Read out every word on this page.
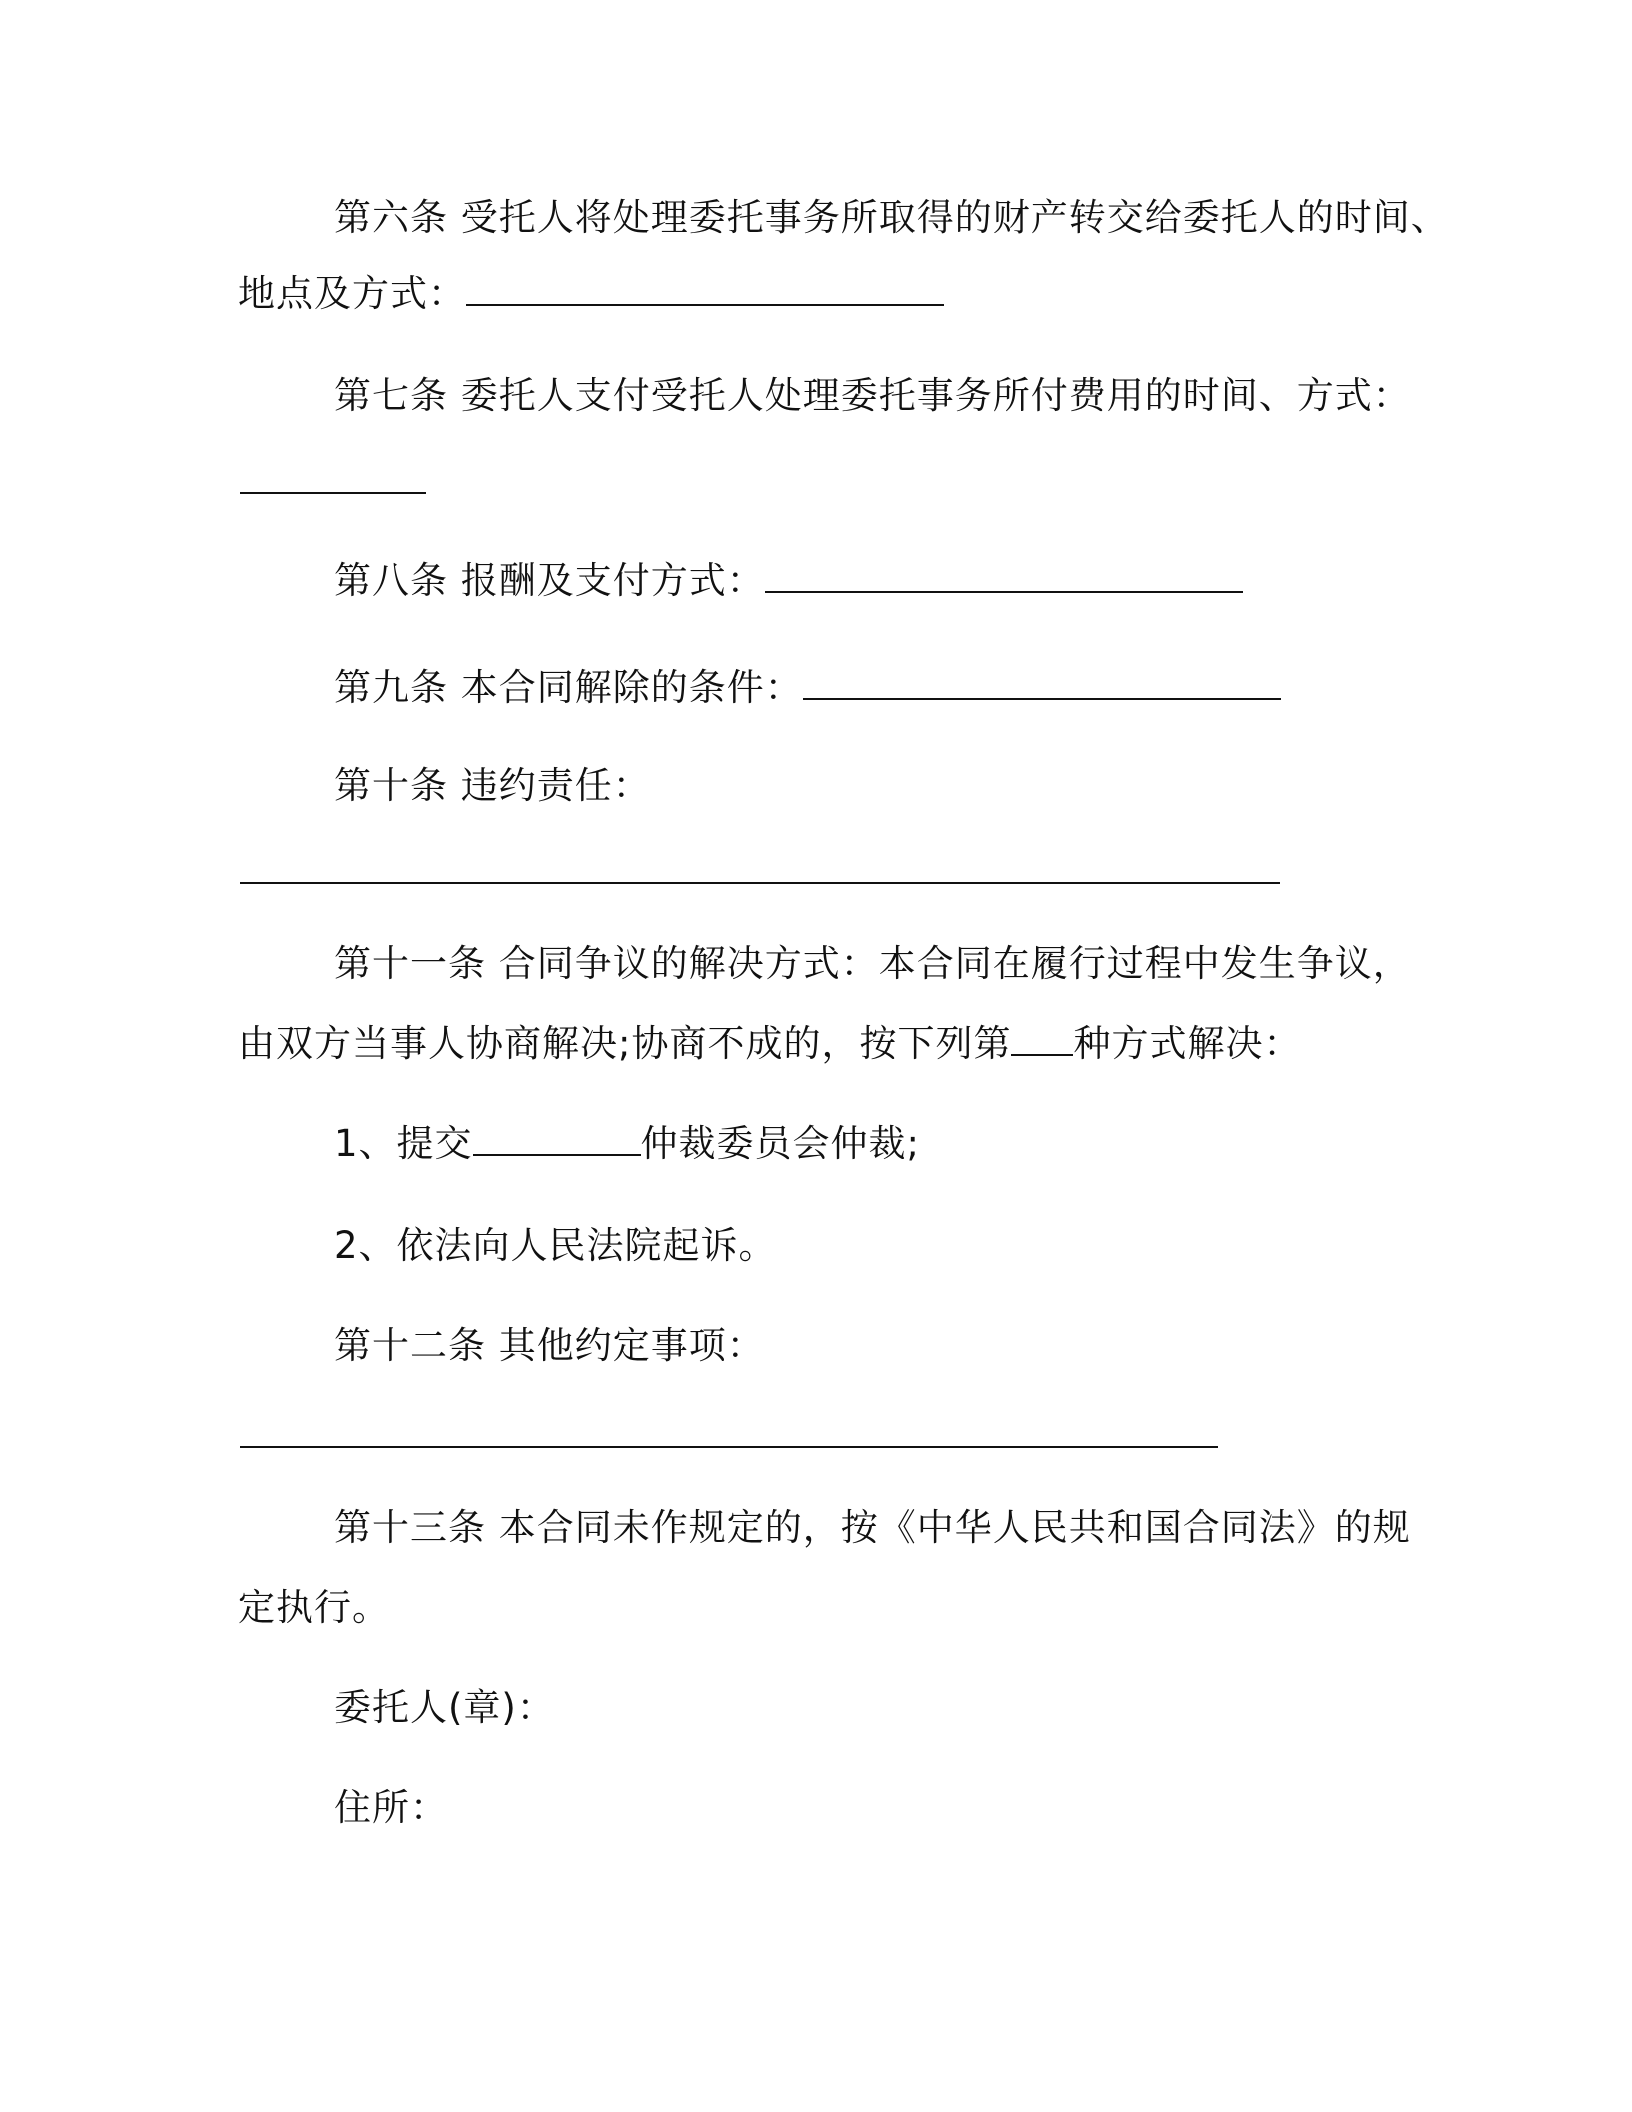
第六条 受托人将处理委托事务所取得的财产转交给委托人的时间、
地点及方式：
第七条 委托人支付受托人处理委托事务所付费用的时间、方式：
第八条 报酬及支付方式：
第九条 本合同解除的条件：
第十条 违约责任：
第十一条 合同争议的解决方式：本合同在履行过程中发生争议，
由双方当事人协商解决;协商不成的，按下列第 种方式解决：
1、提交	仲裁委员会仲裁;
2、依法向人民法院起诉。
第十二条 其他约定事项：
第十三条 本合同未作规定的，按《中华人民共和国合同法》的规
定执行。
委托人(章)：
住所：
